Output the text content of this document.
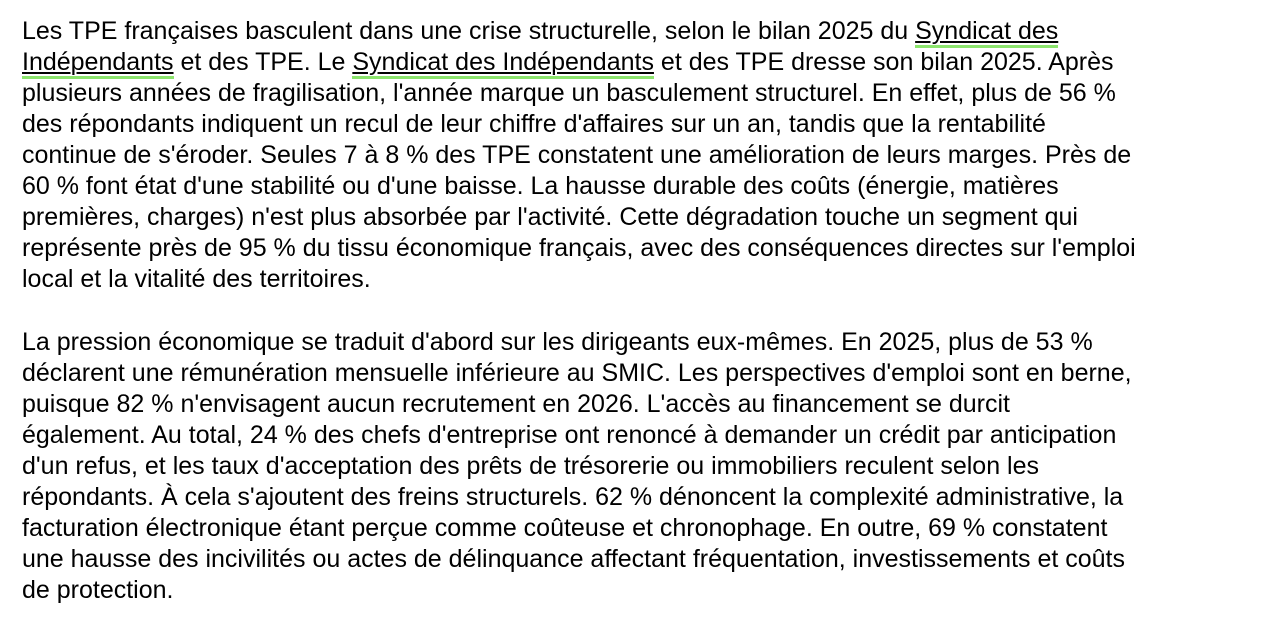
Les TPE françaises basculent dans une crise structurelle, selon le bilan 2025 du Syndicat des
Indépendants et des TPE. Le Syndicat des Indépendants et des TPE dresse son bilan 2025. Après
plusieurs années de fragilisation, l'année marque un basculement structurel. En effet, plus de 56 %
des répondants indiquent un recul de leur chiffre d'affaires sur un an, tandis que la rentabilité
continue de s'éroder. Seules 7 à 8 % des TPE constatent une amélioration de leurs marges. Près de
60 % font état d'une stabilité ou d'une baisse. La hausse durable des coûts (énergie, matières
premières, charges) n'est plus absorbée par l'activité. Cette dégradation touche un segment qui
représente près de 95 % du tissu économique français, avec des conséquences directes sur l'emploi
local et la vitalité des territoires.
La pression économique se traduit d'abord sur les dirigeants eux-mêmes. En 2025, plus de 53 %
déclarent une rémunération mensuelle inférieure au SMIC. Les perspectives d'emploi sont en berne,
puisque 82 % n'envisagent aucun recrutement en 2026. L'accès au financement se durcit
également. Au total, 24 % des chefs d'entreprise ont renoncé à demander un crédit par anticipation
d'un refus, et les taux d'acceptation des prêts de trésorerie ou immobiliers reculent selon les
répondants. À cela s'ajoutent des freins structurels. 62 % dénoncent la complexité administrative, la
facturation électronique étant perçue comme coûteuse et chronophage. En outre, 69 % constatent
une hausse des incivilités ou actes de délinquance affectant fréquentation, investissements et coûts
de protection.
